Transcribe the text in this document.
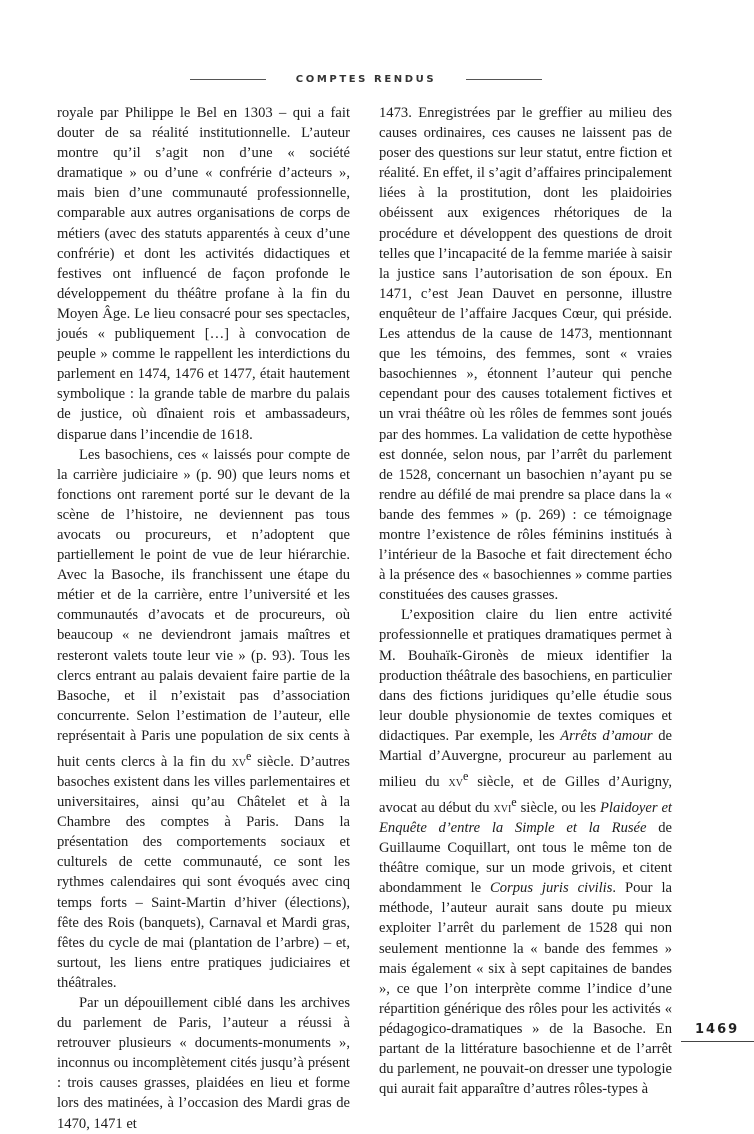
COMPTES RENDUS

royale par Philippe le Bel en 1303 – qui a fait douter de sa réalité institutionnelle. L’auteur montre qu’il s’agit non d’une « société dramatique » ou d’une « confrérie d’acteurs », mais bien d’une communauté professionnelle, comparable aux autres organisations de corps de métiers (avec des statuts apparentés à ceux d’une confrérie) et dont les activités didactiques et festives ont influencé de façon profonde le développement du théâtre profane à la fin du Moyen Âge. Le lieu consacré pour ses spectacles, joués « publiquement […] à convocation de peuple » comme le rappellent les interdictions du parlement en 1474, 1476 et 1477, était hautement symbolique : la grande table de marbre du palais de justice, où dînaient rois et ambassadeurs, disparue dans l’incendie de 1618.

Les basochiens, ces « laissés pour compte de la carrière judiciaire » (p. 90) que leurs noms et fonctions ont rarement porté sur le devant de la scène de l’histoire, ne deviennent pas tous avocats ou procureurs, et n’adoptent que partiellement le point de vue de leur hiérarchie. Avec la Basoche, ils franchissent une étape du métier et de la carrière, entre l’université et les communautés d’avocats et de procureurs, où beaucoup « ne deviendront jamais maîtres et resteront valets toute leur vie » (p. 93). Tous les clercs entrant au palais devaient faire partie de la Basoche, et il n’existait pas d’association concurrente. Selon l’estimation de l’auteur, elle représentait à Paris une population de six cents à huit cents clercs à la fin du $xv^e$ siècle. D’autres basoches existent dans les villes parlementaires et universitaires, ainsi qu’au Châtelet et à la Chambre des comptes à Paris. Dans la présentation des comportements sociaux et culturels de cette communauté, ce sont les rythmes calendaires qui sont évoqués avec cinq temps forts – Saint-Martin d’hiver (élections), fête des Rois (banquets), Carnaval et Mardi gras, fêtes du cycle de mai (plantation de l’arbre) – et, surtout, les liens entre pratiques judiciaires et théâtrales.

Par un dépouillement ciblé dans les archives du parlement de Paris, l’auteur a réussi à retrouver plusieurs « documents-monuments », inconnus ou incomplètement cités jusqu’à présent : trois causes grasses, plaidées en lieu et forme lors des matinées, à l’occasion des Mardi gras de 1470, 1471 et

1473. Enregistrées par le greffier au milieu des causes ordinaires, ces causes ne laissent pas de poser des questions sur leur statut, entre fiction et réalité. En effet, il s’agit d’affaires principalement liées à la prostitution, dont les plaidoiries obéissent aux exigences rhétoriques de la procédure et développent des questions de droit telles que l’incapacité de la femme mariée à saisir la justice sans l’autorisation de son époux. En 1471, c’est Jean Dauvet en personne, illustre enquêteur de l’affaire Jacques Cœur, qui préside. Les attendus de la cause de 1473, mentionnant que les témoins, des femmes, sont « vraies basochiennes », étonnent l’auteur qui penche cependant pour des causes totalement fictives et un vrai théâtre où les rôles de femmes sont joués par des hommes. La validation de cette hypothèse est donnée, selon nous, par l’arrêt du parlement de 1528, concernant un basochien n’ayant pu se rendre au défilé de mai prendre sa place dans la « bande des femmes » (p. 269) : ce témoignage montre l’existence de rôles féminins institués à l’intérieur de la Basoche et fait directement écho à la présence des « basochiennes » comme parties constituées des causes grasses.

L’exposition claire du lien entre activité professionnelle et pratiques dramatiques permet à M. Bouhaïk-Gironès de mieux identifier la production théâtrale des basochiens, en particulier dans des fictions juridiques qu’elle étudie sous leur double physionomie de textes comiques et didactiques. Par exemple, les Arrêts d’amour de Martial d’Auvergne, procureur au parlement au milieu du $xv^e$ siècle, et de Gilles d’Aurigny, avocat au début du xvi$^e$ siècle, ou les Plaidoyer et Enquête d’entre la Simple et la Rusée de Guillaume Coquillart, ont tous le même ton de théâtre comique, sur un mode grivois, et citent abondamment le Corpus juris civilis. Pour la méthode, l’auteur aurait sans doute pu mieux exploiter l’arrêt du parlement de 1528 qui non seulement mentionne la « bande des femmes » mais également « six à sept capitaines de bandes », ce que l’on interprète comme l’indice d’une répartition générique des rôles pour les activités « pédagogico-dramatiques » de la Basoche. En partant de la littérature basochienne et de l’arrêt du parlement, ne pouvait-on dresser une typologie qui aurait fait apparaître d’autres rôles-types à

1469
